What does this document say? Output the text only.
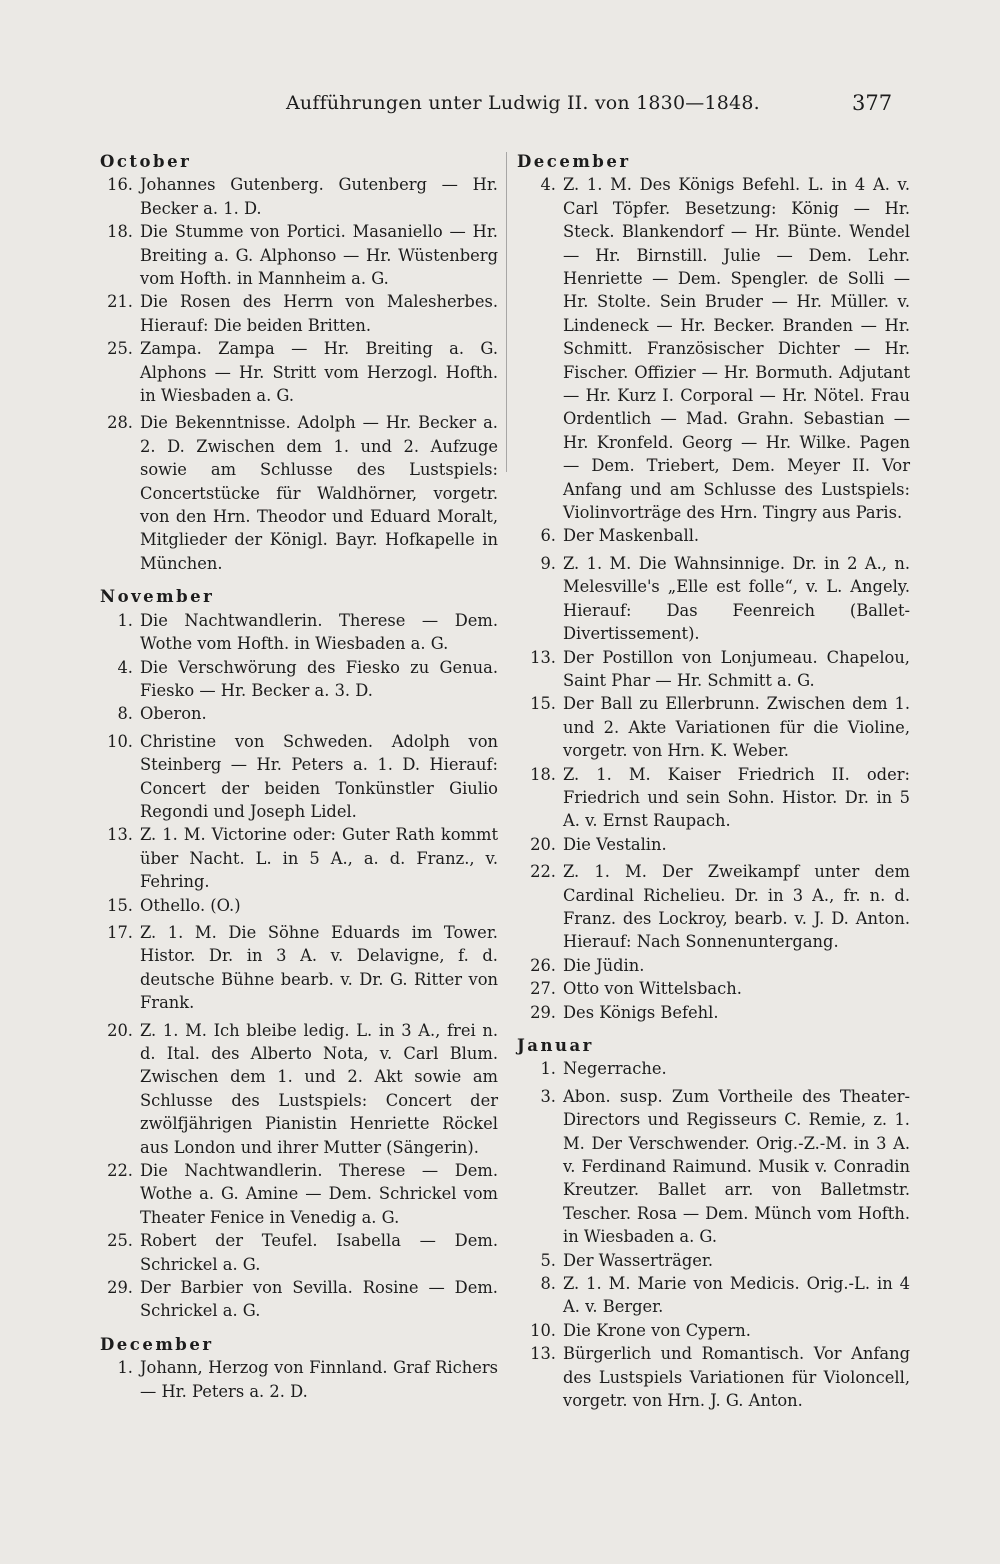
Aufführungen unter Ludwig II. von 1830—1848.	377
October

16. Johannes Gutenberg. Gutenberg — Hr. Becker a. 1. D.

18. Die Stumme von Portici. Masaniello — Hr. Breiting a. G. Alphonso — Hr. Wüstenberg vom Hofth. in Mannheim a. G.

21. Die Rosen des Herrn von Malesherbes. Hierauf: Die beiden Britten.

25. Zampa. Zampa — Hr. Breiting a. G. Alphons — Hr. Stritt vom Herzogl. Hofth. in Wiesbaden a. G.

28. Die Bekenntnisse. Adolph — Hr. Becker a. 2. D. Zwischen dem 1. und 2. Aufzuge sowie am Schlusse des Lustspiels: Concertstücke für Waldhörner, vorgetr. von den Hrn. Theodor und Eduard Moralt, Mitglieder der Königl. Bayr. Hofkapelle in München.

November

1. Die Nachtwandlerin. Therese — Dem. Wothe vom Hofth. in Wiesbaden a. G.

4. Die Verschwörung des Fiesko zu Genua. Fiesko — Hr. Becker a. 3. D.

8. Oberon.

10. Christine von Schweden. Adolph von Steinberg — Hr. Peters a. 1. D. Hierauf: Concert der beiden Tonkünstler Giulio Regondi und Joseph Lidel.

13. Z. 1. M. Victorine oder: Guter Rath kommt über Nacht. L. in 5 A., a. d. Franz., v. Fehring.

15. Othello. (O.)

17. Z. 1. M. Die Söhne Eduards im Tower. Histor. Dr. in 3 A. v. Delavigne, f. d. deutsche Bühne bearb. v. Dr. G. Ritter von Frank.

20. Z. 1. M. Ich bleibe ledig. L. in 3 A., frei n. d. Ital. des Alberto Nota, v. Carl Blum. Zwischen dem 1. und 2. Akt sowie am Schlusse des Lustspiels: Concert der zwölfjährigen Pianistin Henriette Röckel aus London und ihrer Mutter (Sängerin).

22. Die Nachtwandlerin. Therese — Dem. Wothe a. G. Amine — Dem. Schrickel vom Theater Fenice in Venedig a. G.

25. Robert der Teufel. Isabella — Dem. Schrickel a. G.

29. Der Barbier von Sevilla. Rosine — Dem. Schrickel a. G.

December

1. Johann, Herzog von Finnland. Graf Richers — Hr. Peters a. 2. D.

December

4. Z. 1. M. Des Königs Befehl. L. in 4 A. v. Carl Töpfer. Besetzung: König — Hr. Steck. Blankendorf — Hr. Bünte. Wendel — Hr. Birnstill. Julie — Dem. Lehr. Henriette — Dem. Spengler. de Solli — Hr. Stolte. Sein Bruder — Hr. Müller. v. Lindeneck — Hr. Becker. Branden — Hr. Schmitt. Französischer Dichter — Hr. Fischer. Offizier — Hr. Bormuth. Adjutant — Hr. Kurz I. Corporal — Hr. Nötel. Frau Ordentlich — Mad. Grahn. Sebastian — Hr. Kronfeld. Georg — Hr. Wilke. Pagen — Dem. Triebert, Dem. Meyer II. Vor Anfang und am Schlusse des Lustspiels: Violinvorträge des Hrn. Tingry aus Paris.

6. Der Maskenball.

9. Z. 1. M. Die Wahnsinnige. Dr. in 2 A., n. Melesville's „Elle est folle“, v. L. Angely. Hierauf: Das Feenreich (Ballet-Divertissement).

13. Der Postillon von Lonjumeau. Chapelou, Saint Phar — Hr. Schmitt a. G.

15. Der Ball zu Ellerbrunn. Zwischen dem 1. und 2. Akte Variationen für die Violine, vorgetr. von Hrn. K. Weber.

18. Z. 1. M. Kaiser Friedrich II. oder: Friedrich und sein Sohn. Histor. Dr. in 5 A. v. Ernst Raupach.

20. Die Vestalin.

22. Z. 1. M. Der Zweikampf unter dem Cardinal Richelieu. Dr. in 3 A., fr. n. d. Franz. des Lockroy, bearb. v. J. D. Anton. Hierauf: Nach Sonnenuntergang.

26. Die Jüdin.

27. Otto von Wittelsbach.

29. Des Königs Befehl.

Januar

1. Negerrache.

3. Abon. susp. Zum Vortheile des Theater-Directors und Regisseurs C. Remie, z. 1. M. Der Verschwender. Orig.-Z.-M. in 3 A. v. Ferdinand Raimund. Musik v. Conradin Kreutzer. Ballet arr. von Balletmstr. Tescher. Rosa — Dem. Münch vom Hofth. in Wiesbaden a. G.

5. Der Wasserträger.

8. Z. 1. M. Marie von Medicis. Orig.-L. in 4 A. v. Berger.

10. Die Krone von Cypern.

13. Bürgerlich und Romantisch. Vor Anfang des Lustspiels Variationen für Violoncell, vorgetr. von Hrn. J. G. Anton.
